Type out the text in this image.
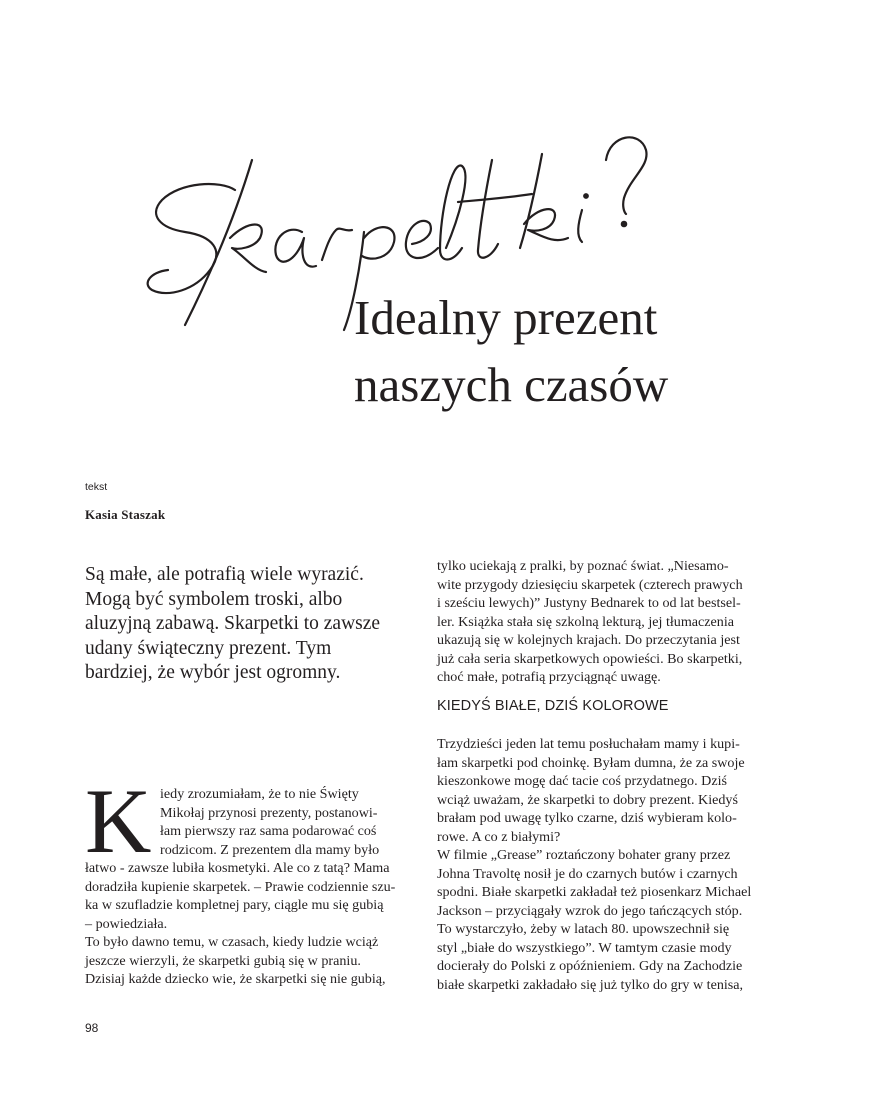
Idealny prezent
naszych czasów
tekst
Kasia Staszak

Są małe, ale potrafią wiele wyrazić.
Mogą być symbolem troski, albo
aluzyjną zabawą. Skarpetki to zawsze
udany świąteczny prezent. Tym
bardziej, że wybór jest ogromny.

K iedy zrozumiałam, że to nie Święty
Mikołaj przynosi prezenty, postanowi-
łam pierwszy raz sama podarować coś
rodzicom. Z prezentem dla mamy było
łatwo - zawsze lubiła kosmetyki. Ale co z tatą? Mama
doradziła kupienie skarpetek. – Prawie codziennie szu-
ka w szufladzie kompletnej pary, ciągle mu się gubią
– powiedziała.
To było dawno temu, w czasach, kiedy ludzie wciąż
jeszcze wierzyli, że skarpetki gubią się w praniu.
Dzisiaj każde dziecko wie, że skarpetki się nie gubią,
tylko uciekają z pralki, by poznać świat. „Niesamo-
wite przygody dziesięciu skarpetek (czterech prawych
i sześciu lewych)” Justyny Bednarek to od lat bestsel-
ler. Książka stała się szkolną lekturą, jej tłumaczenia
ukazują się w kolejnych krajach. Do przeczytania jest
już cała seria skarpetkowych opowieści. Bo skarpetki,
choć małe, potrafią przyciągnąć uwagę.
KIEDYŚ BIAŁE, DZIŚ KOLOROWE
Trzydzieści jeden lat temu posłuchałam mamy i kupi-
łam skarpetki pod choinkę. Byłam dumna, że za swoje
kieszonkowe mogę dać tacie coś przydatnego. Dziś
wciąż uważam, że skarpetki to dobry prezent. Kiedyś
brałam pod uwagę tylko czarne, dziś wybieram kolo-
rowe. A co z białymi?
W filmie „Grease” roztańczony bohater grany przez
Johna Travoltę nosił je do czarnych butów i czarnych
spodni. Białe skarpetki zakładał też piosenkarz Michael
Jackson – przyciągały wzrok do jego tańczących stóp.
To wystarczyło, żeby w latach 80. upowszechnił się
styl „białe do wszystkiego”. W tamtym czasie mody
docierały do Polski z opóźnieniem. Gdy na Zachodzie
białe skarpetki zakładało się już tylko do gry w tenisa,
98
